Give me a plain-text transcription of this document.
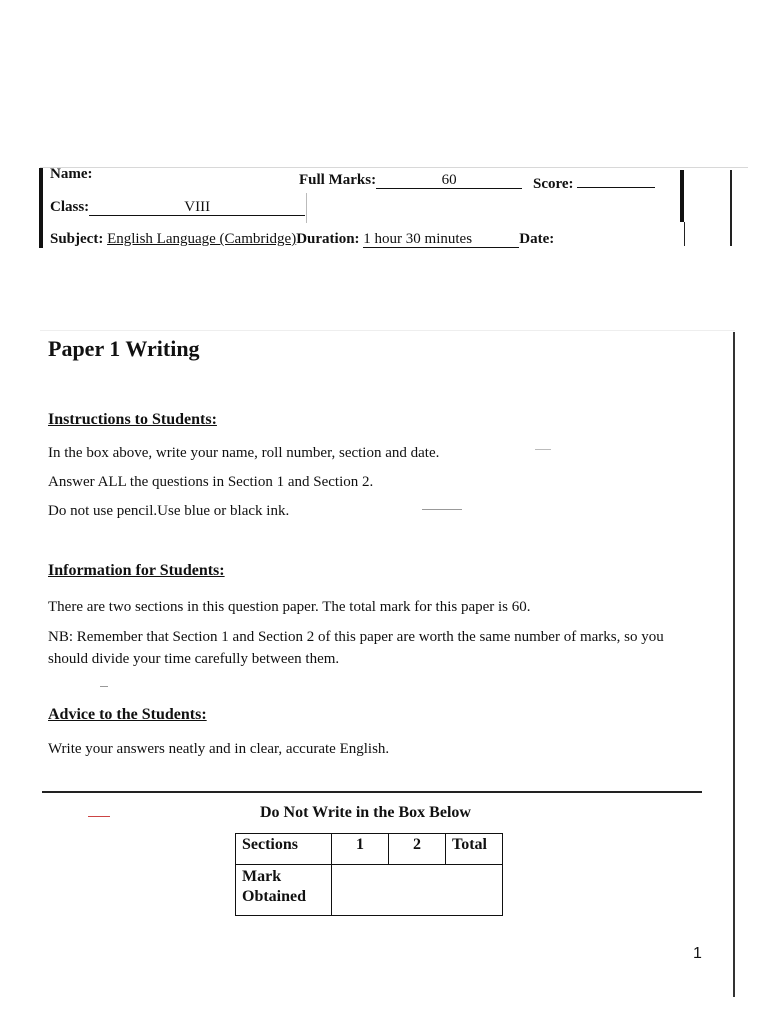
Name:	Full Marks:	60	Score:
Class:	VIII
Subject: English Language (Cambridge)Duration: 1 hour 30 minutes	Date:
Paper 1 Writing
Instructions to Students:
In the box above, write your name, roll number, section and date.
Answer ALL the questions in Section 1 and Section 2.
Do not use pencil.Use blue or black ink.
Information for Students:
There are two sections in this question paper. The total mark for this paper is 60.
NB: Remember that Section 1 and Section 2 of this paper are worth the same number of marks, so you should divide your time carefully between them.
Advice to the Students:
Write your answers neatly and in clear, accurate English.
Do Not Write in the Box Below
Sections	1	2	Total
Mark Obtained			
1
